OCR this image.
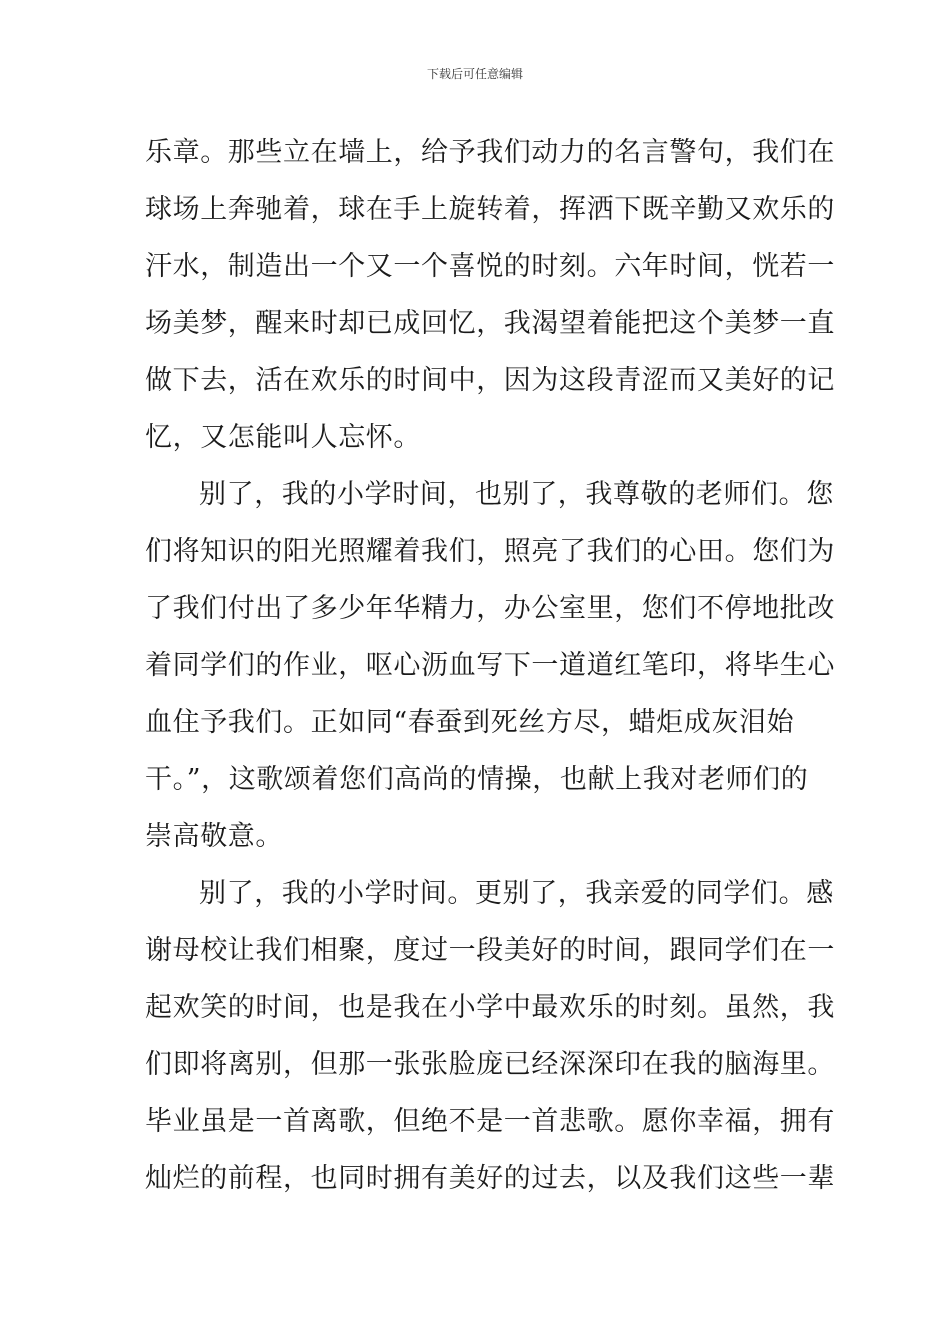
下载后可任意编辑
乐章。那些立在墙上，给予我们动力的名言警句，我们在
球场上奔驰着，球在手上旋转着，挥洒下既辛勤又欢乐的
汗水，制造出一个又一个喜悦的时刻。六年时间，恍若一
场美梦，醒来时却已成回忆，我渴望着能把这个美梦一直
做下去，活在欢乐的时间中，因为这段青涩而又美好的记
忆，又怎能叫人忘怀。
别了，我的小学时间，也别了，我尊敬的老师们。您
们将知识的阳光照耀着我们，照亮了我们的心田。您们为
了我们付出了多少年华精力，办公室里，您们不停地批改
着同学们的作业，呕心沥血写下一道道红笔印，将毕生心
血住予我们。正如同“春蚕到死丝方尽，蜡炬成灰泪始
干。”，这歌颂着您们高尚的情操，也献上我对老师们的
崇高敬意。
别了，我的小学时间。更别了，我亲爱的同学们。感
谢母校让我们相聚，度过一段美好的时间，跟同学们在一
起欢笑的时间，也是我在小学中最欢乐的时刻。虽然，我
们即将离别，但那一张张脸庞已经深深印在我的脑海里。
毕业虽是一首离歌，但绝不是一首悲歌。愿你幸福，拥有
灿烂的前程，也同时拥有美好的过去，以及我们这些一辈
